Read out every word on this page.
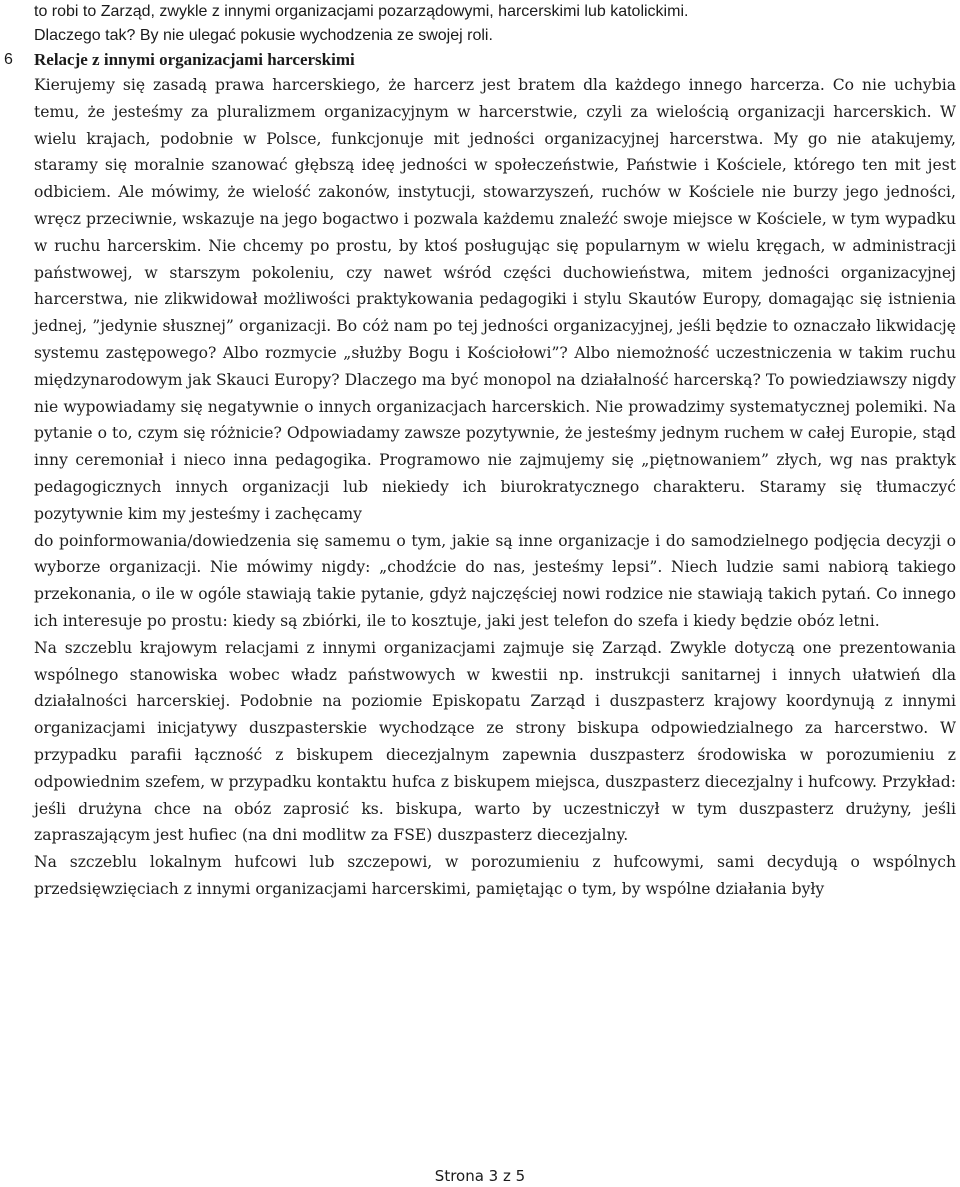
to robi to Zarząd, zwykle z innymi organizacjami pozarządowymi, harcerskimi lub katolickimi.
Dlaczego tak? By nie ulegać pokusie wychodzenia ze swojej roli.

6 Relacje z innymi organizacjami harcerskimi

Kierujemy się zasadą prawa harcerskiego, że harcerz jest bratem dla każdego innego harcerza. Co nie uchybia temu, że jesteśmy za pluralizmem organizacyjnym w harcerstwie, czyli za wielością organizacji harcerskich. W wielu krajach, podobnie w Polsce, funkcjonuje mit jedności organizacyjnej harcerstwa. My go nie atakujemy, staramy się moralnie szanować głębszą ideę jedności w społeczeństwie, Państwie i Kościele, którego ten mit jest odbiciem. Ale mówimy, że wielość zakonów, instytucji, stowarzyszeń, ruchów w Kościele nie burzy jego jedności, wręcz przeciwnie, wskazuje na jego bogactwo i pozwala każdemu znaleźć swoje miejsce w Kościele, w tym wypadku w ruchu harcerskim. Nie chcemy po prostu, by ktoś posługując się popularnym w wielu kręgach, w administracji państwowej, w starszym pokoleniu, czy nawet wśród części duchowieństwa, mitem jedności organizacyjnej harcerstwa, nie zlikwidował możliwości praktykowania pedagogiki i stylu Skautów Europy, domagając się istnienia jednej, ”jedynie słusznej” organizacji. Bo cóż nam po tej jedności organizacyjnej, jeśli będzie to oznaczało likwidację systemu zastępowego? Albo rozmycie „służby Bogu i Kościołowi”? Albo niemożność uczestniczenia w takim ruchu międzynarodowym jak Skauci Europy? Dlaczego ma być monopol na działalność harcerską? To powiedziawszy nigdy nie wypowiadamy się negatywnie o innych organizacjach harcerskich. Nie prowadzimy systematycznej polemiki. Na pytanie o to, czym się różnicie? Odpowiadamy zawsze pozytywnie, że jesteśmy jednym ruchem w całej Europie, stąd inny ceremoniał i nieco inna pedagogika. Programowo nie zajmujemy się „piętnowaniem” złych, wg nas praktyk pedagogicznych innych organizacji lub niekiedy ich biurokratycznego charakteru. Staramy się tłumaczyć pozytywnie kim my jesteśmy i zachęcamy

do poinformowania/dowiedzenia się samemu o tym, jakie są inne organizacje i do samodzielnego podjęcia decyzji o wyborze organizacji. Nie mówimy nigdy: „chodźcie do nas, jesteśmy lepsi”. Niech ludzie sami nabiorą takiego przekonania, o ile w ogóle stawiają takie pytanie, gdyż najczęściej nowi rodzice nie stawiają takich pytań. Co innego ich interesuje po prostu: kiedy są zbiórki, ile to kosztuje, jaki jest telefon do szefa i kiedy będzie obóz letni.

Na szczeblu krajowym relacjami z innymi organizacjami zajmuje się Zarząd. Zwykle dotyczą one prezentowania wspólnego stanowiska wobec władz państwowych w kwestii np. instrukcji sanitarnej i innych ułatwień dla działalności harcerskiej. Podobnie na poziomie Episkopatu Zarząd i duszpasterz krajowy koordynują z innymi organizacjami inicjatywy duszpasterskie wychodzące ze strony biskupa odpowiedzialnego za harcerstwo. W przypadku parafii łączność z biskupem diecezjalnym zapewnia duszpasterz środowiska w porozumieniu z odpowiednim szefem, w przypadku kontaktu hufca z biskupem miejsca, duszpasterz diecezjalny i hufcowy. Przykład: jeśli drużyna chce na obóz zaprosić ks. biskupa, warto by uczestniczył w tym duszpasterz drużyny, jeśli zapraszającym jest hufiec (na dni modlitw za FSE) duszpasterz diecezjalny.

Na szczeblu lokalnym hufcowi lub szczepowi, w porozumieniu z hufcowymi, sami decydują o wspólnych przedsięwzięciach z innymi organizacjami harcerskimi, pamiętając o tym, by wspólne działania były

Strona 3 z 5
